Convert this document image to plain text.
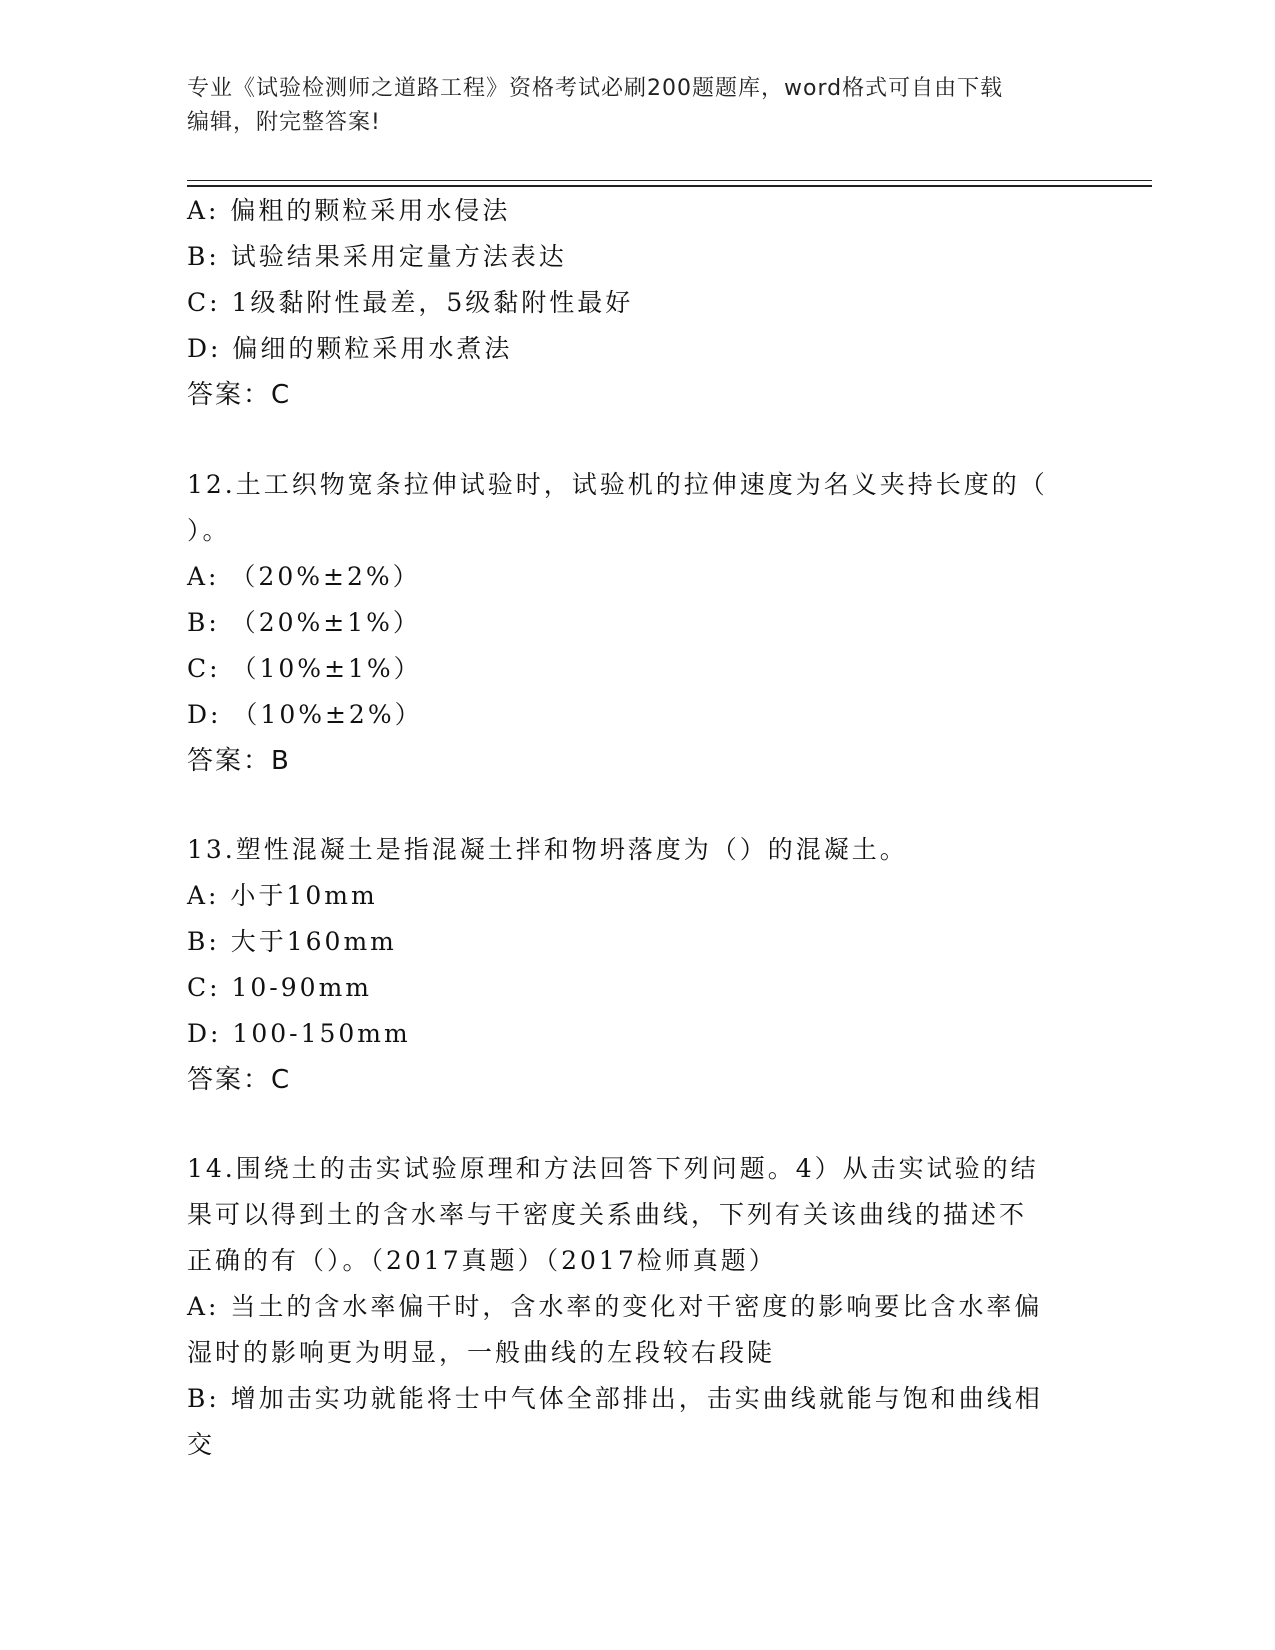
专业《试验检测师之道路工程》资格考试必刷200题题库，word格式可自由下载
编辑，附完整答案!
A: 偏粗的颗粒采用水侵法
B: 试验结果采用定量方法表达
C: 1级黏附性最差，5级黏附性最好
D: 偏细的颗粒采用水煮法
答案：C
12.土工织物宽条拉伸试验时，试验机的拉伸速度为名义夹持长度的（
）。
A: （20%±2%）
B: （20%±1%）
C: （10%±1%）
D: （10%±2%）
答案：B
13.塑性混凝土是指混凝土拌和物坍落度为（）的混凝土。
A: 小于10mm
B: 大于160mm
C: 10-90mm
D: 100-150mm
答案：C
14.围绕土的击实试验原理和方法回答下列问题。4）从击实试验的结
果可以得到土的含水率与干密度关系曲线，下列有关该曲线的描述不
正确的有（）。（2017真题）（2017检师真题）
A: 当土的含水率偏干时，含水率的变化对干密度的影响要比含水率偏
湿时的影响更为明显，一般曲线的左段较右段陡
B: 增加击实功就能将士中气体全部排出，击实曲线就能与饱和曲线相
交
